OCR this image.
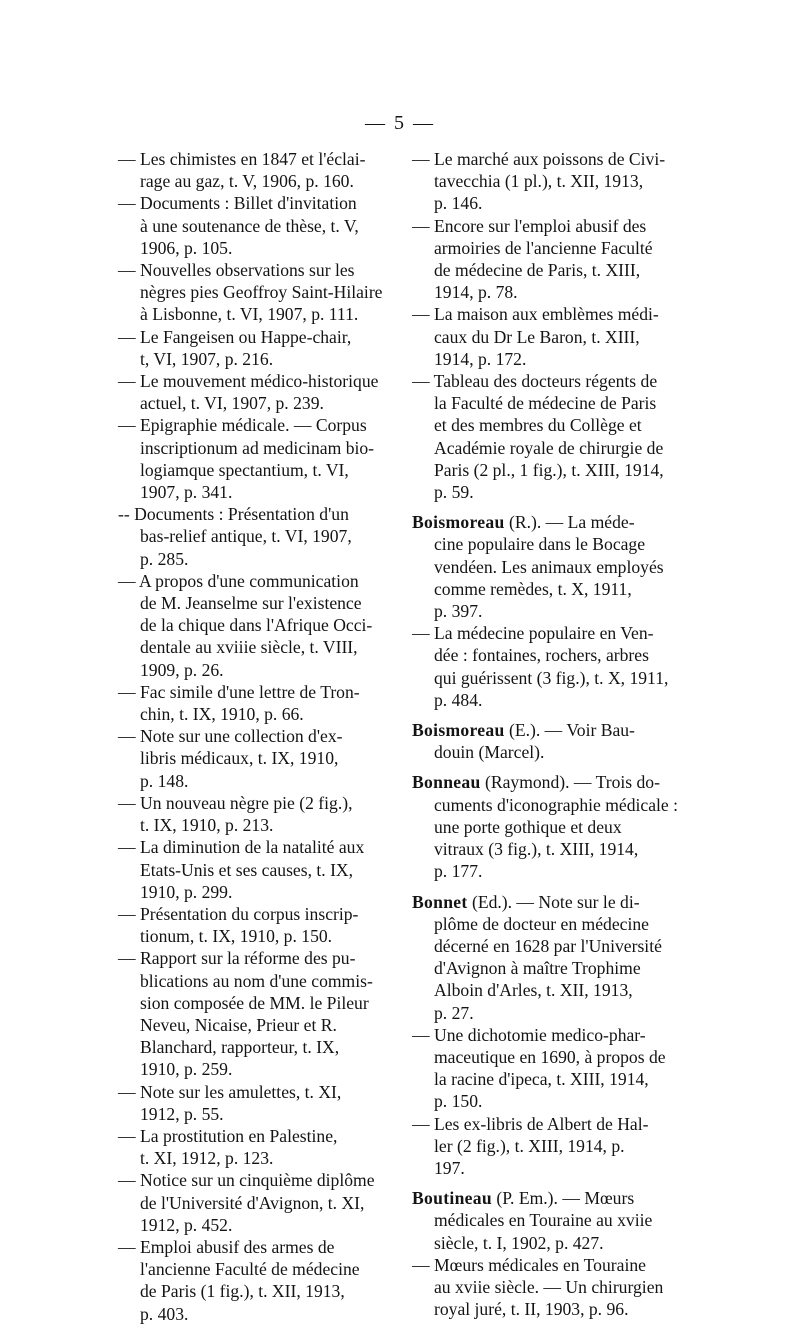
— 5 —
— Les chimistes en 1847 et l'éclai-
rage au gaz, t. V, 1906, p. 160.
— Documents : Billet d'invitation
à une soutenance de thèse, t. V,
1906, p. 105.
— Nouvelles observations sur les
nègres pies Geoffroy Saint-Hilaire
à Lisbonne, t. VI, 1907, p. 111.
— Le Fangeisen ou Happe-chair,
t, VI, 1907, p. 216.
— Le mouvement médico-historique
actuel, t. VI, 1907, p. 239.
— Epigraphie médicale. — Corpus
inscriptionum ad medicinam bio-
logiamque spectantium, t. VI,
1907, p. 341.
-- Documents : Présentation d'un
bas-relief antique, t. VI, 1907,
p. 285.
— A propos d'une communication
de M. Jeanselme sur l'existence
de la chique dans l'Afrique Occi-
dentale au xviiie siècle, t. VIII,
1909, p. 26.
— Fac simile d'une lettre de Tron-
chin, t. IX, 1910, p. 66.
— Note sur une collection d'ex-
libris médicaux, t. IX, 1910,
p. 148.
— Un nouveau nègre pie (2 fig.),
t. IX, 1910, p. 213.
— La diminution de la natalité aux
Etats-Unis et ses causes, t. IX,
1910, p. 299.
— Présentation du corpus inscrip-
tionum, t. IX, 1910, p. 150.
— Rapport sur la réforme des pu-
blications au nom d'une commis-
sion composée de MM. le Pileur
Neveu, Nicaise, Prieur et R.
Blanchard, rapporteur, t. IX,
1910, p. 259.
— Note sur les amulettes, t. XI,
1912, p. 55.
— La prostitution en Palestine,
t. XI, 1912, p. 123.
— Notice sur un cinquième diplôme
de l'Université d'Avignon, t. XI,
1912, p. 452.
— Emploi abusif des armes de
l'ancienne Faculté de médecine
de Paris (1 fig.), t. XII, 1913,
p. 403.
— Le marché aux poissons de Civi-
tavecchia (1 pl.), t. XII, 1913,
p. 146.
— Encore sur l'emploi abusif des
armoiries de l'ancienne Faculté
de médecine de Paris, t. XIII,
1914, p. 78.
— La maison aux emblèmes médi-
caux du Dr Le Baron, t. XIII,
1914, p. 172.
— Tableau des docteurs régents de
la Faculté de médecine de Paris
et des membres du Collège et
Académie royale de chirurgie de
Paris (2 pl., 1 fig.), t. XIII, 1914,
p. 59.
Boismoreau (R.). — La méde-
cine populaire dans le Bocage
vendéen. Les animaux employés
comme remèdes, t. X, 1911,
p. 397.
— La médecine populaire en Ven-
dée : fontaines, rochers, arbres
qui guérissent (3 fig.), t. X, 1911,
p. 484.
Boismoreau (E.). — Voir Bau-
douin (Marcel).
Bonneau (Raymond). — Trois do-
cuments d'iconographie médicale :
une porte gothique et deux
vitraux (3 fig.), t. XIII, 1914,
p. 177.
Bonnet (Ed.). — Note sur le di-
plôme de docteur en médecine
décerné en 1628 par l'Université
d'Avignon à maître Trophime
Alboin d'Arles, t. XII, 1913,
p. 27.
— Une dichotomie medico-phar-
maceutique en 1690, à propos de
la racine d'ipeca, t. XIII, 1914,
p. 150.
— Les ex-libris de Albert de Hal-
ler (2 fig.), t. XIII, 1914, p.
197.
Boutineau (P. Em.). — Mœurs
médicales en Touraine au xviie
siècle, t. I, 1902, p. 427.
— Mœurs médicales en Touraine
au xviie siècle. — Un chirurgien
royal juré, t. II, 1903, p. 96.
